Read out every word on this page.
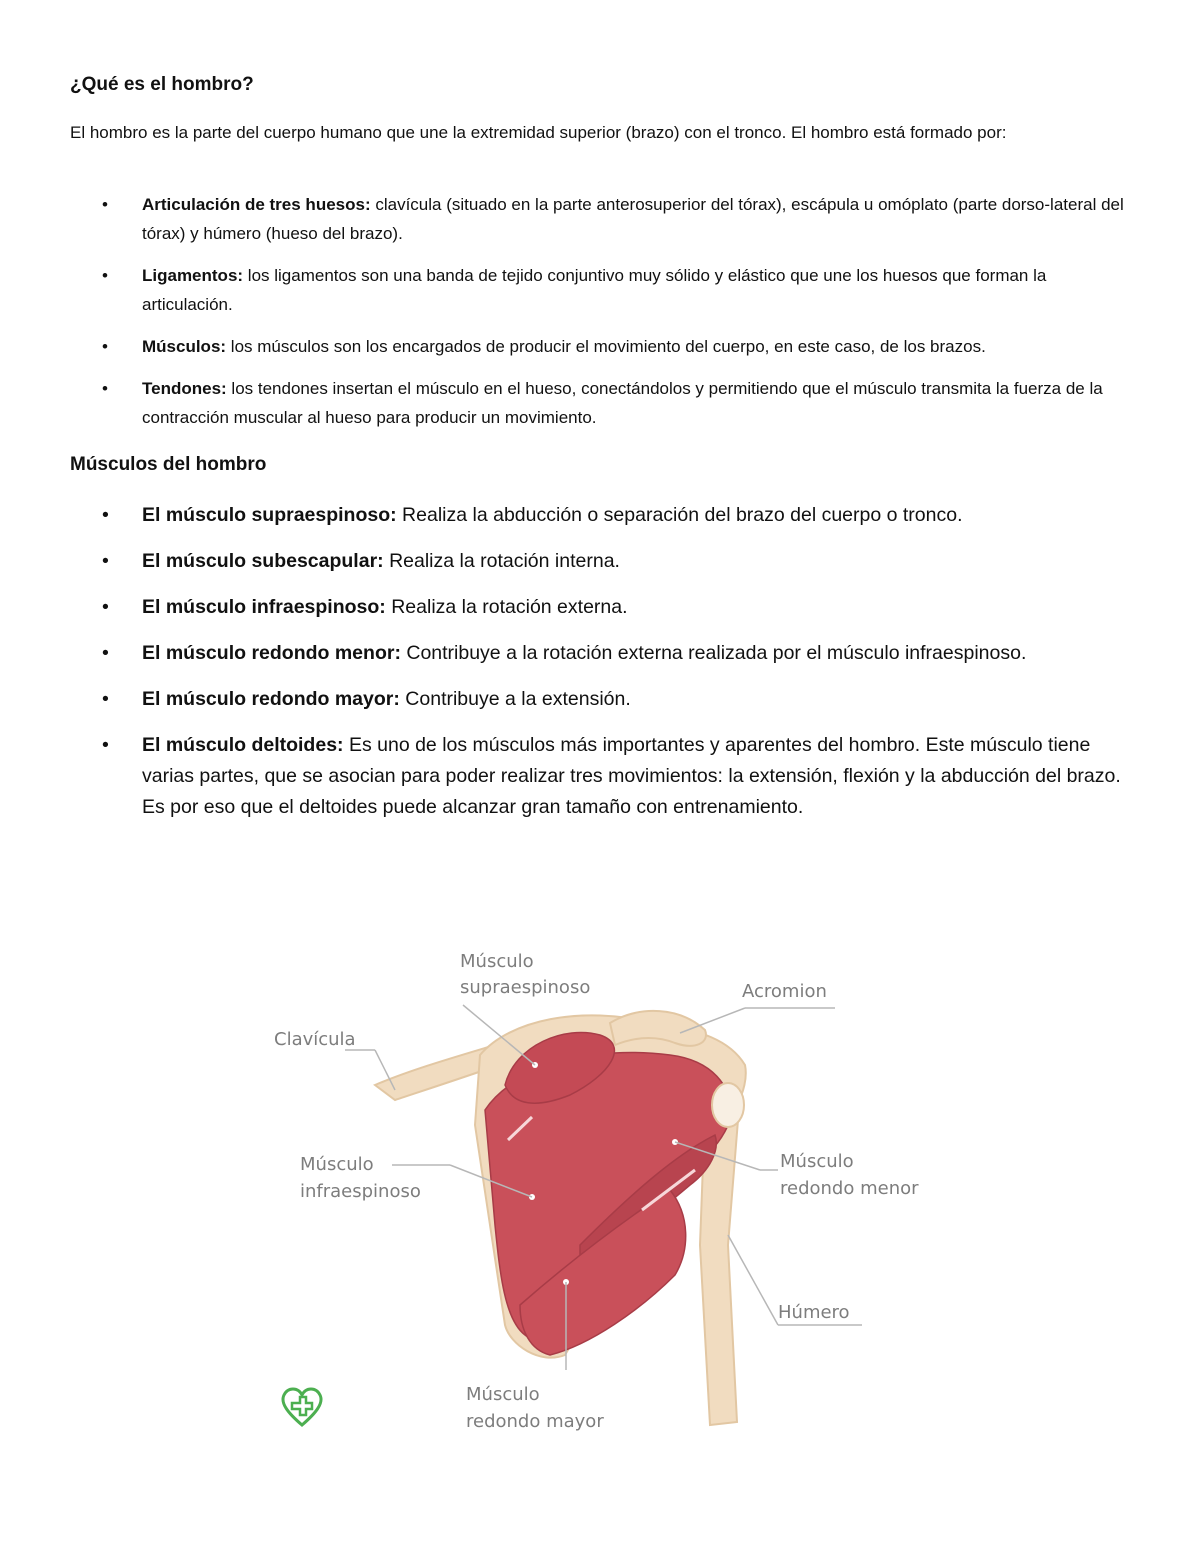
¿Qué es el hombro?

El hombro es la parte del cuerpo humano que une la extremidad superior (brazo) con el tronco. El hombro está formado por:

• Articulación de tres huesos: clavícula (situado en la parte anterosuperior del tórax), escápula u omóplato (parte dorso-lateral del tórax) y húmero (hueso del brazo).
• Ligamentos: los ligamentos son una banda de tejido conjuntivo muy sólido y elástico que une los huesos que forman la articulación.
• Músculos: los músculos son los encargados de producir el movimiento del cuerpo, en este caso, de los brazos.
• Tendones: los tendones insertan el músculo en el hueso, conectándolos y permitiendo que el músculo transmita la fuerza de la contracción muscular al hueso para producir un movimiento.
Músculos del hombro
• El músculo supraespinoso: Realiza la abducción o separación del brazo del cuerpo o tronco.
• El músculo subescapular: Realiza la rotación interna.
• El músculo infraespinoso: Realiza la rotación externa.
• El músculo redondo menor: Contribuye a la rotación externa realizada por el músculo infraespinoso.
• El músculo redondo mayor: Contribuye a la extensión.
• El músculo deltoides: Es uno de los músculos más importantes y aparentes del hombro. Este músculo tiene varias partes, que se asocian para poder realizar tres movimientos: la extensión, flexión y la abducción del brazo. Es por eso que el deltoides puede alcanzar gran tamaño con entrenamiento.
Músculo
supraespinoso	Acromion
Clavícula
Músculo
infraespinoso
Músculo
redondo menor
Húmero
Músculo
redondo mayor
